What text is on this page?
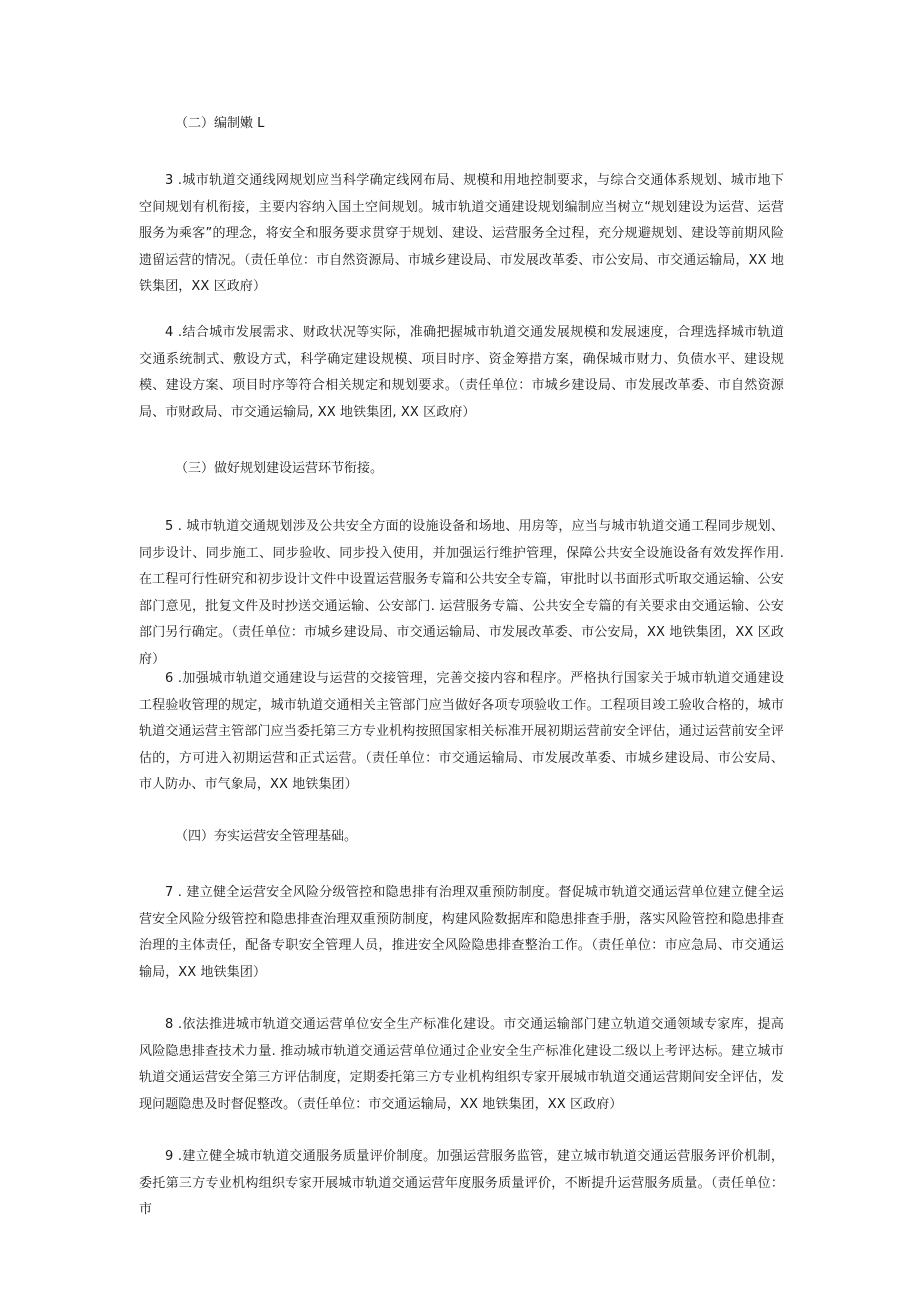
（二）编制嫩 L
3 .城市轨道交通线网规划应当科学确定线网布局、规模和用地控制要求，与综合交通体系规划、城市地下空间规划有机衔接，主要内容纳入国土空间规划。城市轨道交通建设规划编制应当树立“规划建设为运营、运营服务为乘客”的理念，将安全和服务要求贯穿于规划、建设、运营服务全过程，充分规避规划、建设等前期风险遗留运营的情况。（责任单位：市自然资源局、市城乡建设局、市发展改革委、市公安局、市交通运输局，XX 地铁集团，XX 区政府）
4 .结合城市发展需求、财政状况等实际，准确把握城市轨道交通发展规模和发展速度，合理选择城市轨道交通系统制式、敷设方式，科学确定建设规模、项目时序、资金筹措方案，确保城市财力、负债水平、建设规模、建设方案、项目时序等符合相关规定和规划要求。（责任单位：市城乡建设局、市发展改革委、市自然资源局、市财政局、市交通运输局, XX 地铁集团, XX 区政府）
（三）做好规划建设运营环节衔接。
5 . 城市轨道交通规划涉及公共安全方面的设施设备和场地、用房等，应当与城市轨道交通工程同步规划、同步设计、同步施工、同步验收、同步投入使用，并加强运行维护管理，保障公共安全设施设备有效发挥作用. 在工程可行性研究和初步设计文件中设置运营服务专篇和公共安全专篇，审批时以书面形式听取交通运输、公安部门意见，批复文件及时抄送交通运输、公安部门. 运营服务专篇、公共安全专篇的有关要求由交通运输、公安部门另行确定。（责任单位：市城乡建设局、市交通运输局、市发展改革委、市公安局，XX 地铁集团，XX 区政府）
6 .加强城市轨道交通建设与运营的交接管理，完善交接内容和程序。严格执行国家关于城市轨道交通建设工程验收管理的规定，城市轨道交通相关主管部门应当做好各项专项验收工作。工程项目竣工验收合格的，城市轨道交通运营主管部门应当委托第三方专业机构按照国家相关标准开展初期运营前安全评估，通过运营前安全评估的，方可进入初期运营和正式运营。（责任单位：市交通运输局、市发展改革委、市城乡建设局、市公安局、市人防办、市气象局，XX 地铁集团）
（四）夯实运营安全管理基础。
7 . 建立健全运营安全风险分级管控和隐患排有治理双重预防制度。督促城市轨道交通运营单位建立健全运营安全风险分级管控和隐患排查治理双重预防制度，构建风险数据库和隐患排查手册，落实风险管控和隐患排查治理的主体责任，配备专职安全管理人员，推进安全风险隐患排查整治工作。（责任单位：市应急局、市交通运输局，XX 地铁集团）
8 .依法推进城市轨道交通运营单位安全生产标准化建设。市交通运输部门建立轨道交通领域专家库，提高风险隐患排查技术力量. 推动城市轨道交通运营单位通过企业安全生产标准化建设二级以上考评达标。建立城市轨道交通运营安全第三方评估制度，定期委托第三方专业机构组织专家开展城市轨道交通运营期间安全评估，发现问题隐患及时督促整改。（责任单位：市交通运输局，XX 地铁集团，XX 区政府）
9 .建立健全城市轨道交通服务质量评价制度。加强运营服务监管，建立城市轨道交通运营服务评价机制，委托第三方专业机构组织专家开展城市轨道交通运营年度服务质量评价，不断提升运营服务质量。（责任单位：市
